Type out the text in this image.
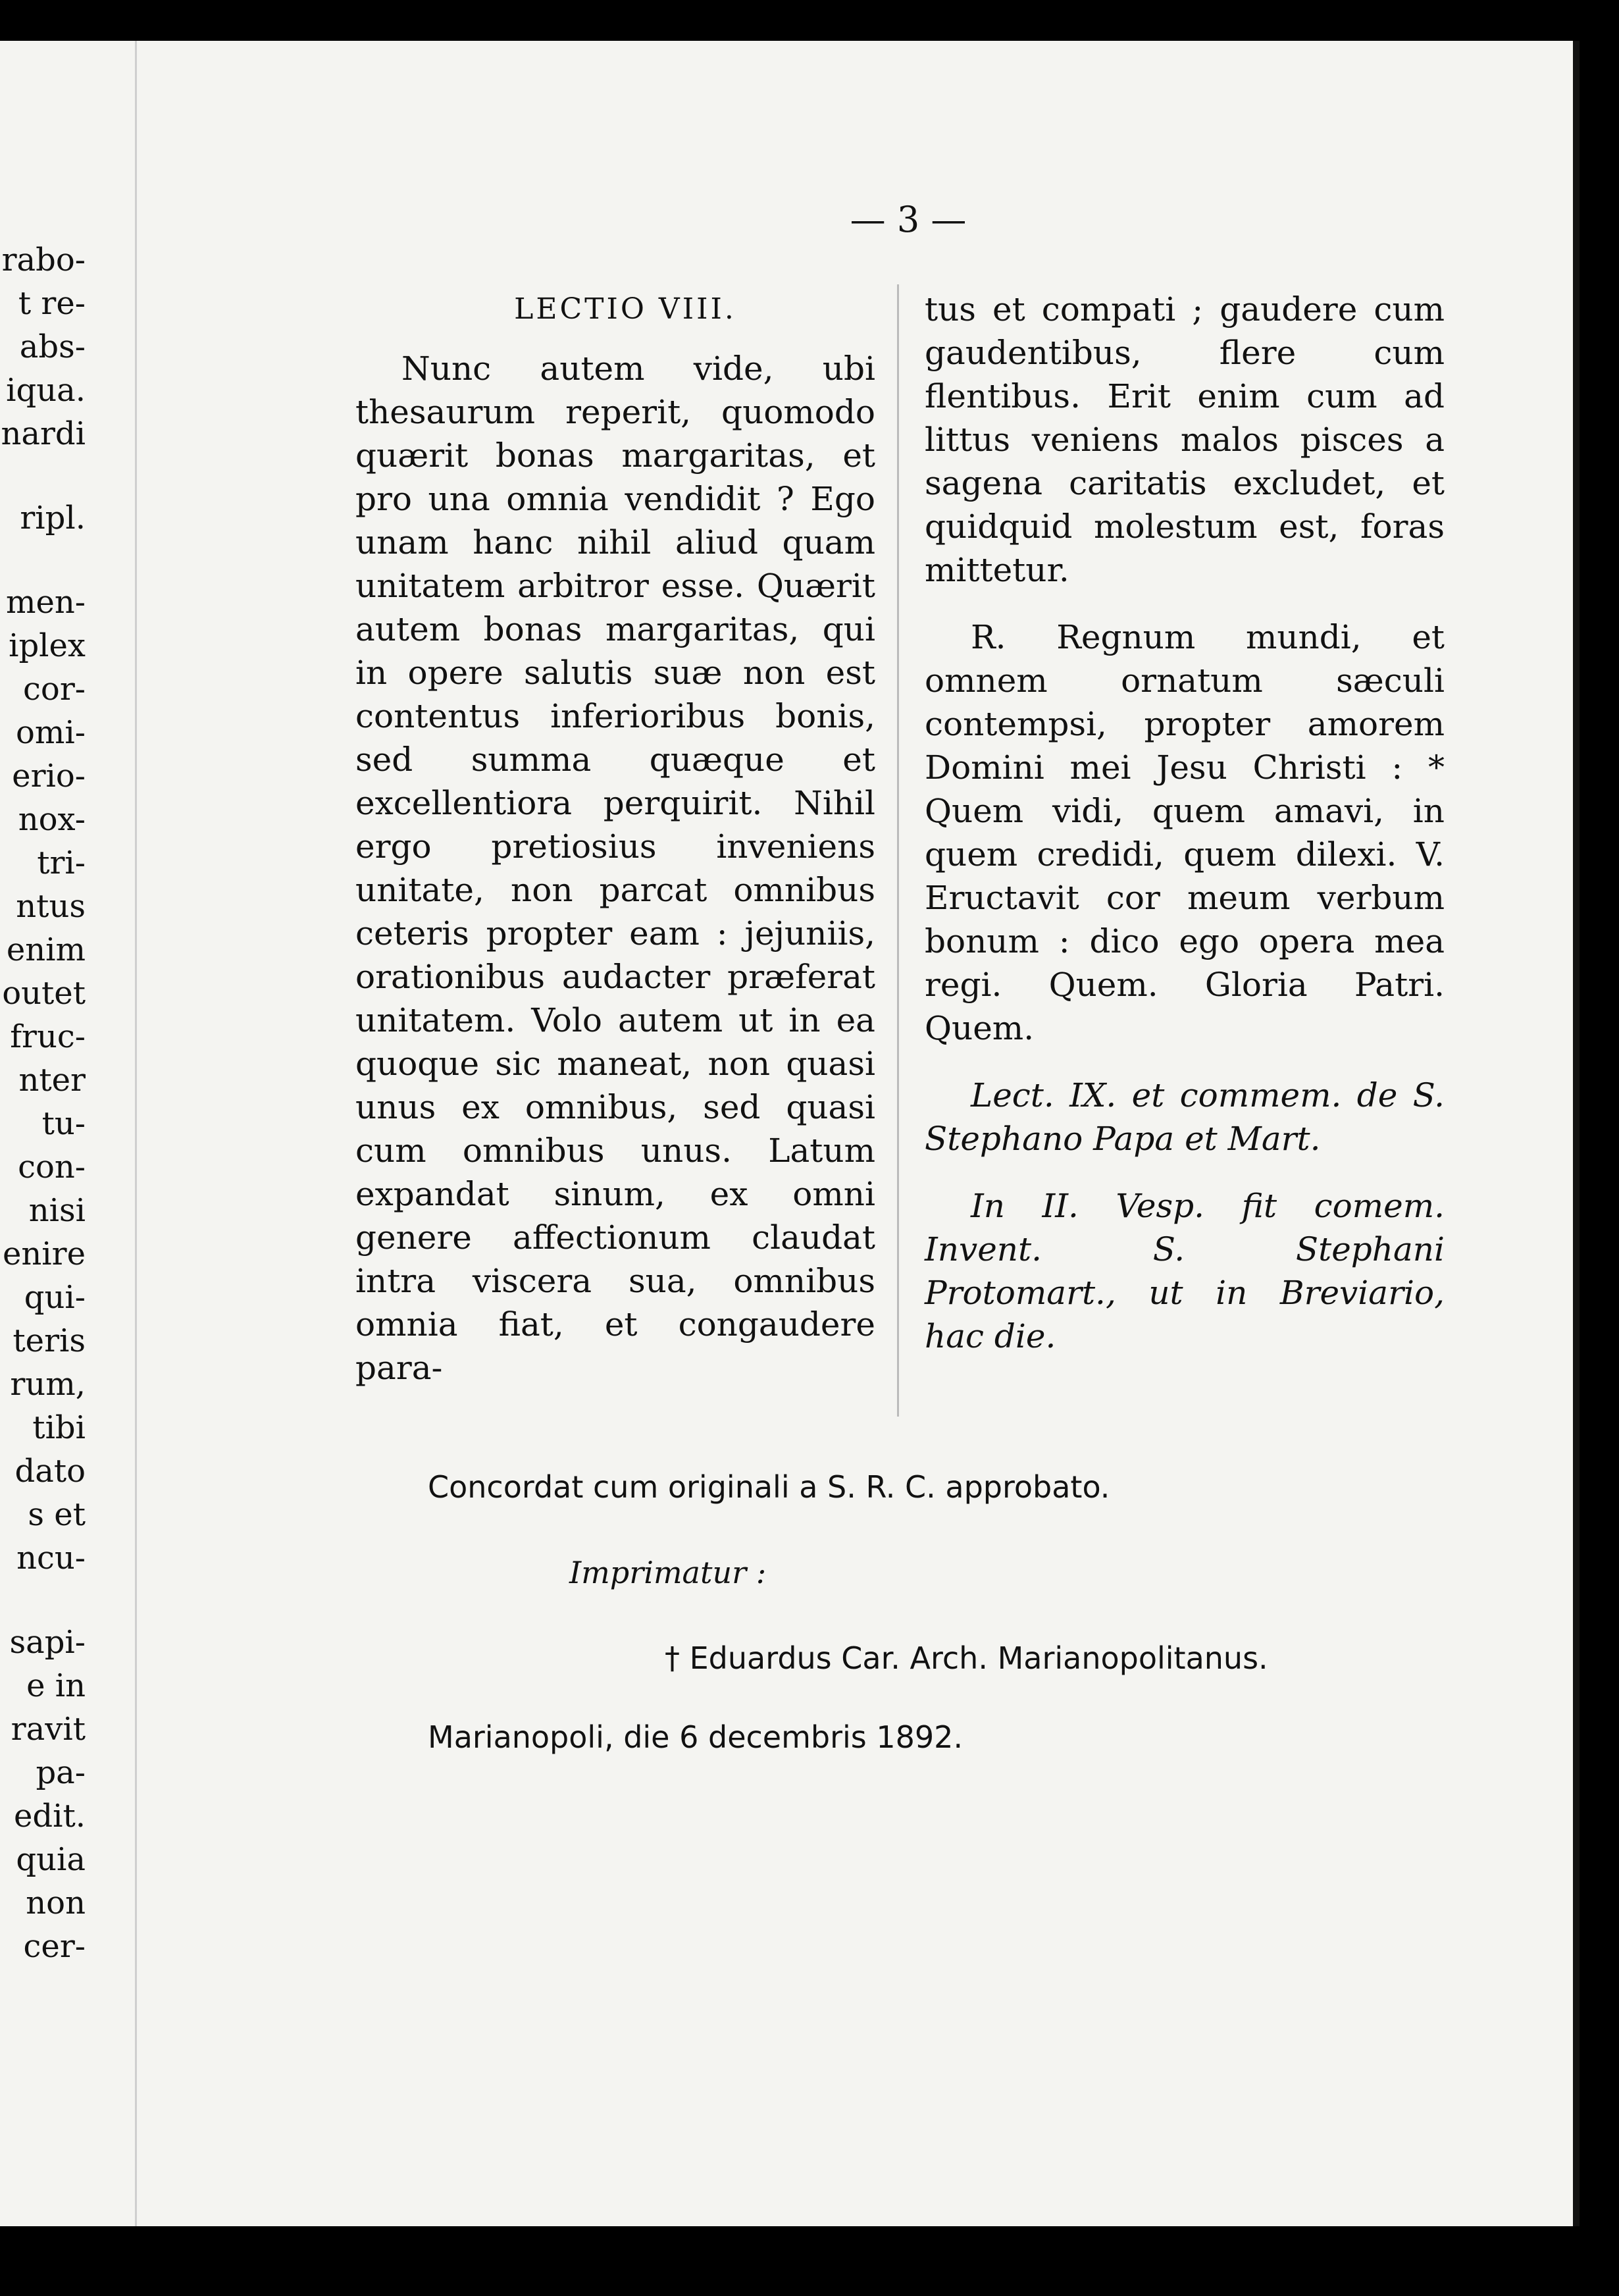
rabo-
t re-
abs-
iqua.
nardi

ripl.

men-
iplex
cor-
omi-
erio-
nox-
tri-
ntus
enim
outet
fruc-
nter
tu-
con-
nisi
enire
qui-
teris
rum,
tibi
dato
s et
ncu-

sapi-
e in
ravit
pa-
edit.
quia
non
cer-
— 3 —
LECTIO VIII.

Nunc autem vide, ubi thesaurum reperit, quomodo quærit bonas margaritas, et pro una omnia vendidit ? Ego unam hanc nihil aliud quam unitatem arbitror esse. Quærit autem bonas margaritas, qui in opere salutis suæ non est contentus inferioribus bonis, sed summa quæque et excellentiora perquirit. Nihil ergo pretiosius inveniens unitate, non parcat omnibus ceteris propter eam : jejuniis, orationibus audacter præferat unitatem. Volo autem ut in ea quoque sic maneat, non quasi unus ex omnibus, sed quasi cum omnibus unus. Latum expandat sinum, ex omni genere affectionum claudat intra viscera sua, omnibus omnia fiat, et congaudere para-

tus et compati ; gaudere cum gaudentibus, flere cum flentibus. Erit enim cum ad littus veniens malos pisces a sagena caritatis excludet, et quidquid molestum est, foras mittetur.

R. Regnum mundi, et omnem ornatum sæculi contempsi, propter amorem Domini mei Jesu Christi : * Quem vidi, quem amavi, in quem credidi, quem dilexi. V. Eructavit cor meum verbum bonum : dico ego opera mea regi. Quem. Gloria Patri. Quem.

Lect. IX. et commem. de S. Stephano Papa et Mart.

In II. Vesp. fit comem. Invent. S. Stephani Protomart., ut in Breviario, hac die.

Concordat cum originali a S. R. C. approbato.
Imprimatur :
† Eduardus Car. Arch. Marianopolitanus.
Marianopoli, die 6 decembris 1892.
